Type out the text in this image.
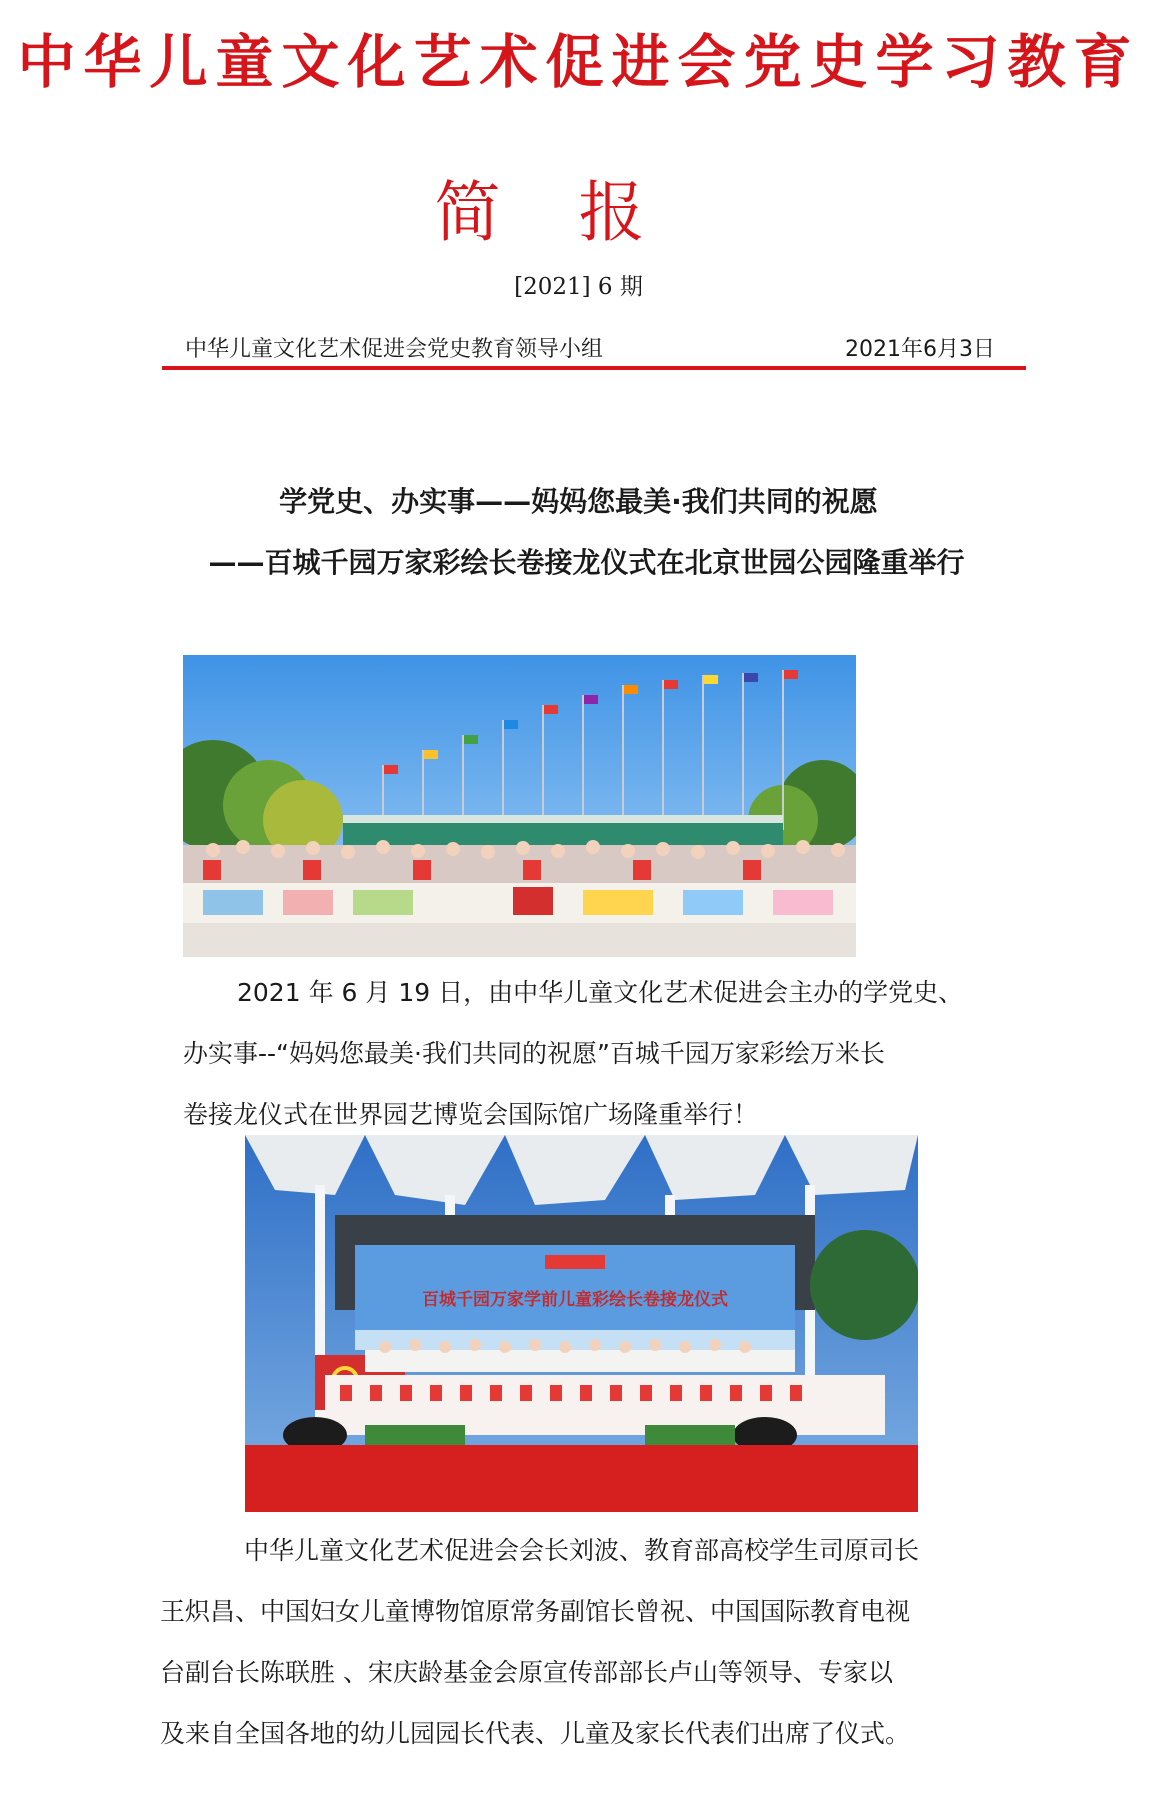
中华儿童文化艺术促进会党史学习教育
简报
[2021] 6 期
中华儿童文化艺术促进会党史教育领导小组	2021年6月3日
学党史、办实事——妈妈您最美·我们共同的祝愿
——百城千园万家彩绘长卷接龙仪式在北京世园公园隆重举行
2021 年 6 月 19 日，由中华儿童文化艺术促进会主办的学党史、
办实事--“妈妈您最美·我们共同的祝愿”百城千园万家彩绘万米长
卷接龙仪式在世界园艺博览会国际馆广场隆重举行！
百城千园万家学前儿童彩绘长卷接龙仪式
中华儿童文化艺术促进会会长刘波、教育部高校学生司原司长
王炽昌、中国妇女儿童博物馆原常务副馆长曾祝、中国国际教育电视
台副台长陈联胜 、宋庆龄基金会原宣传部部长卢山等领导、专家以
及来自全国各地的幼儿园园长代表、儿童及家长代表们出席了仪式。
